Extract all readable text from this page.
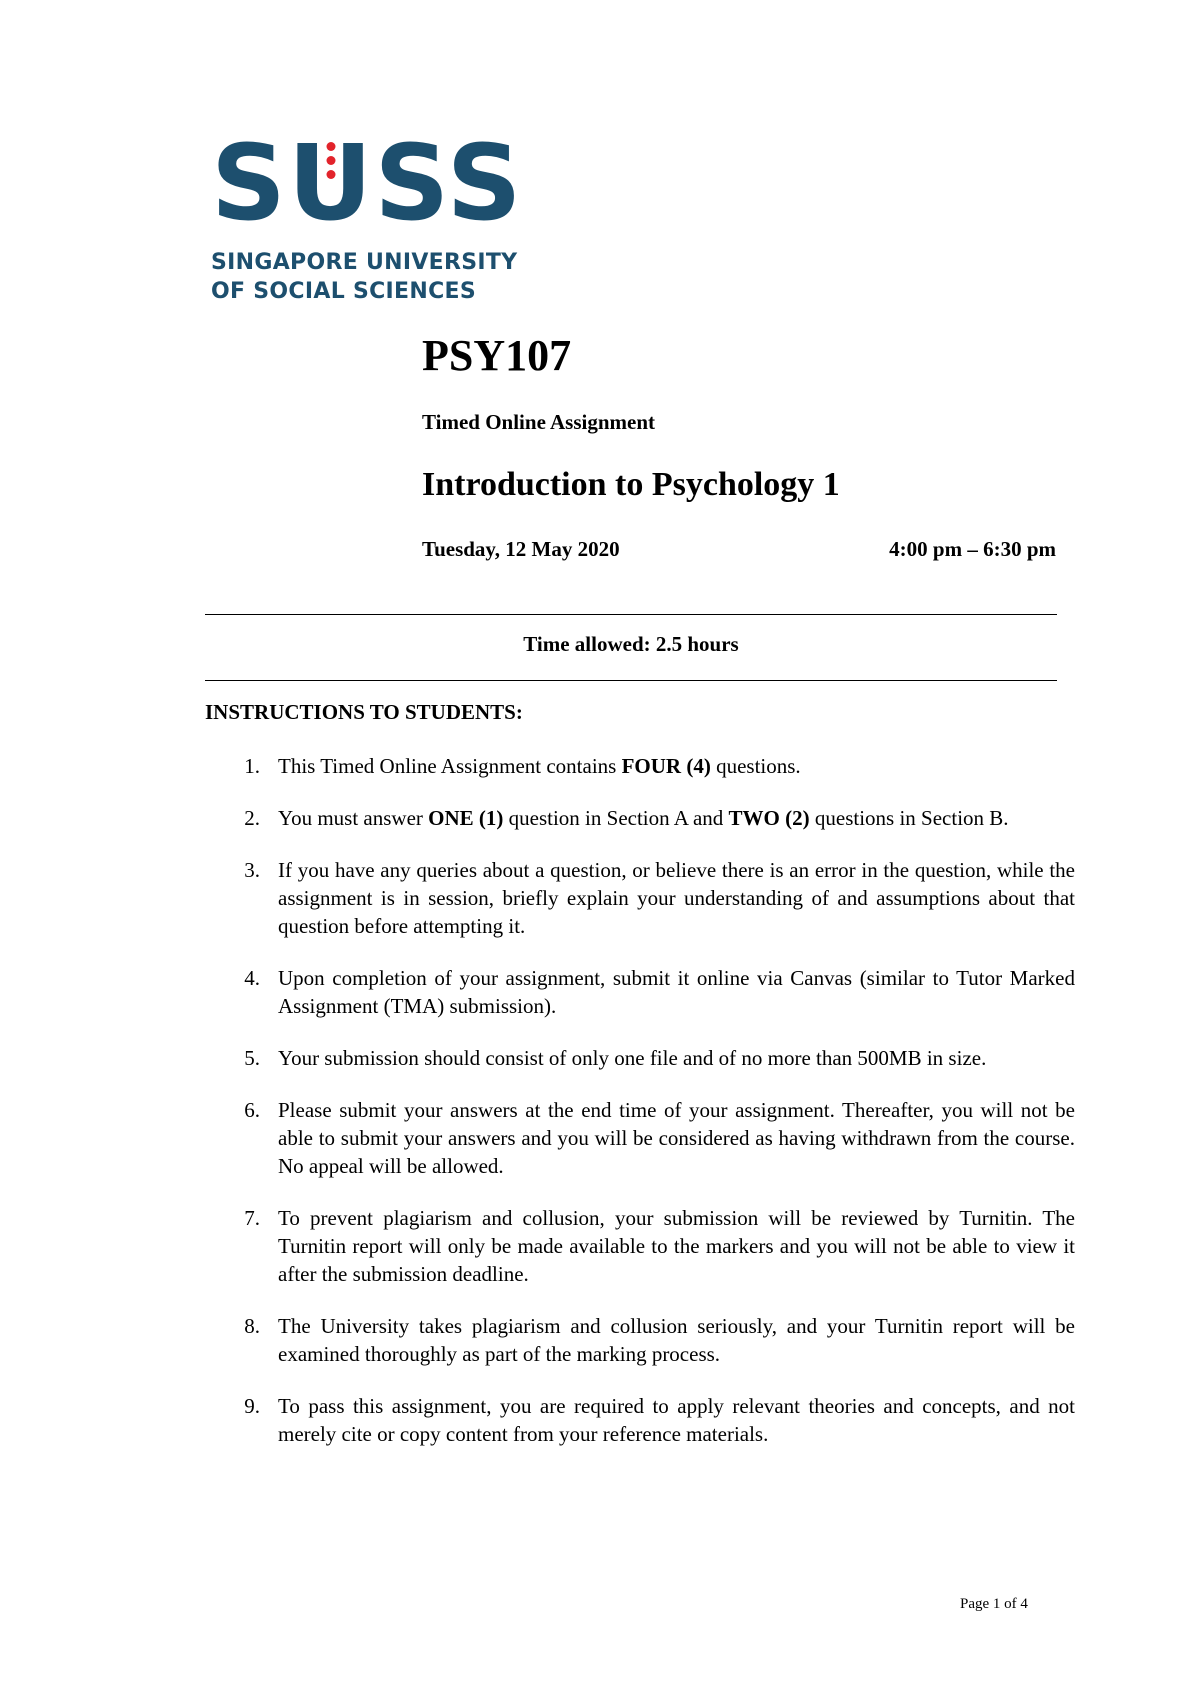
S U SS
SINGAPORE UNIVERSITY
OF SOCIAL SCIENCES
PSY107
Timed Online Assignment
Introduction to Psychology 1
Tuesday, 12 May 2020	4:00 pm – 6:30 pm
Time allowed: 2.5 hours
INSTRUCTIONS TO STUDENTS:
1. This Timed Online Assignment contains FOUR (4) questions.
2. You must answer ONE (1) question in Section A and TWO (2) questions in Section B.
3. If you have any queries about a question, or believe there is an error in the question, while the assignment is in session, briefly explain your understanding of and assumptions about that question before attempting it.
4. Upon completion of your assignment, submit it online via Canvas (similar to Tutor Marked Assignment (TMA) submission).
5. Your submission should consist of only one file and of no more than 500MB in size.
6. Please submit your answers at the end time of your assignment. Thereafter, you will not be able to submit your answers and you will be considered as having withdrawn from the course. No appeal will be allowed.
7. To prevent plagiarism and collusion, your submission will be reviewed by Turnitin. The Turnitin report will only be made available to the markers and you will not be able to view it after the submission deadline.
8. The University takes plagiarism and collusion seriously, and your Turnitin report will be examined thoroughly as part of the marking process.
9. To pass this assignment, you are required to apply relevant theories and concepts, and not merely cite or copy content from your reference materials.
Page 1 of 4
